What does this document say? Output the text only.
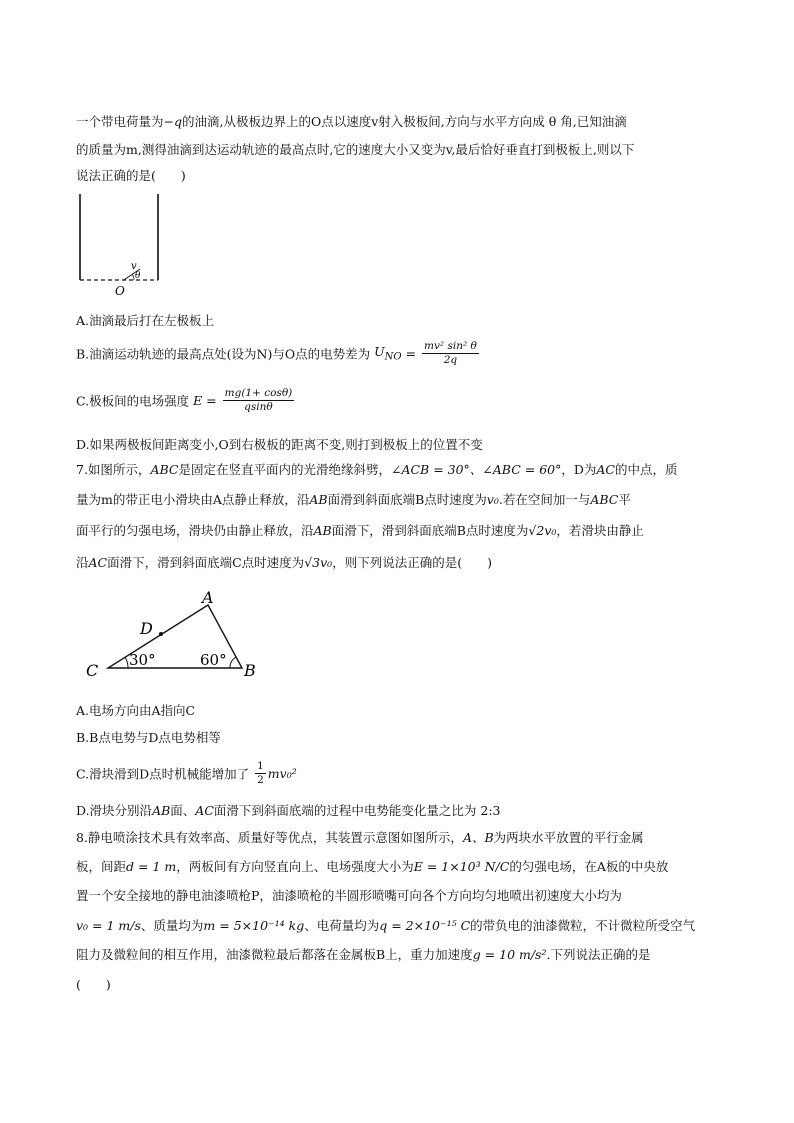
一个带电荷量为−q的油滴,从极板边界上的O点以速度v射入极板间,方向与水平方向成 θ 角,已知油滴
的质量为m,测得油滴到达运动轨迹的最高点时,它的速度大小又变为v,最后恰好垂直打到极板上,则以下
说法正确的是(　　)
v
θ
O
A.油滴最后打在左极板上
B.油滴运动轨迹的最高点处(设为N)与O点的电势差为 $U_{NO} = \frac{\text{mv² sin² θ}}{2q}$
C.极板间的电场强度 $E = \frac{mg(1+ \cos\theta)}{qsin\theta}$
D.如果两极板间距离变小,O到右极板的距离不变,则打到极板上的位置不变
7.如图所示，ABC是固定在竖直平面内的光滑绝缘斜劈，∠ACB = 30°、∠ABC = 60°，D为AC的中点，质
量为m的带正电小滑块由A点静止释放，沿AB面滑到斜面底端B点时速度为v₀.若在空间加一与ABC平
面平行的匀强电场，滑块仍由静止释放，沿AB面滑下，滑到斜面底端B点时速度为√2v₀，若滑块由静止
沿AC面滑下，滑到斜面底端C点时速度为√3v₀，则下列说法正确的是(　　)
A
B
C
D
30°	60°
A.电场方向由A指向C
B.B点电势与D点电势相等
C.滑块滑到D点时机械能增加了 $\frac{1}{2} mv_0^2$
D.滑块分别沿AB面、AC面滑下到斜面底端的过程中电势能变化量之比为 2:3
8.静电喷涂技术具有效率高、质量好等优点，其装置示意图如图所示，A、B为两块水平放置的平行金属
板，间距d = 1 m，两板间有方向竖直向上、电场强度大小为E = 1×10³ N/C的匀强电场，在A板的中央放
置一个安全接地的静电油漆喷枪P，油漆喷枪的半圆形喷嘴可向各个方向均匀地喷出初速度大小均为
v₀ = 1 m/s、质量均为m = 5×10⁻¹⁴ kg、电荷量均为q = 2×10⁻¹⁵ C的带负电的油漆微粒，不计微粒所受空气
阻力及微粒间的相互作用，油漆微粒最后都落在金属板B上，重力加速度g = 10 m/s².下列说法正确的是
(　　)
